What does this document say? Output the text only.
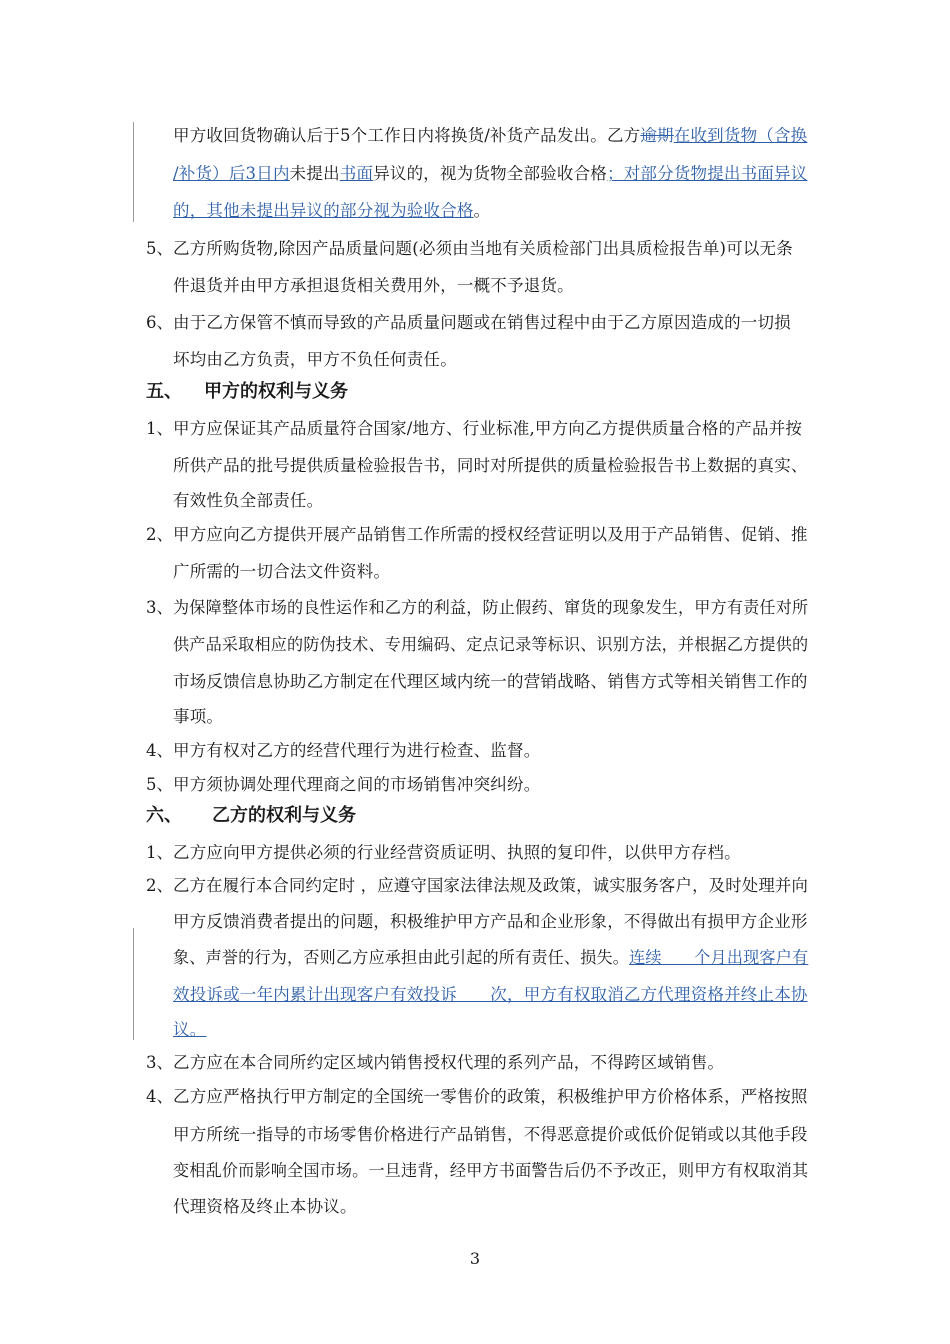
甲方收回货物确认后于5个工作日内将换货/补货产品发出。乙方逾期在收到货物（含换
/补货）后3日内未提出书面异议的，视为货物全部验收合格；对部分货物提出书面异议
的，其他未提出异议的部分视为验收合格。
5、 乙方所购货物,除因产品质量问题(必须由当地有关质检部门出具质检报告单)可以无条
件退货并由甲方承担退货相关费用外，一概不予退货。
6、 由于乙方保管不慎而导致的产品质量问题或在销售过程中由于乙方原因造成的一切损
坏均由乙方负责，甲方不负任何责任。
五、 甲方的权利与义务
1、 甲方应保证其产品质量符合国家/地方、行业标准,甲方向乙方提供质量合格的产品并按
所供产品的批号提供质量检验报告书，同时对所提供的质量检验报告书上数据的真实、
有效性负全部责任。
2、 甲方应向乙方提供开展产品销售工作所需的授权经营证明以及用于产品销售、促销、推
广所需的一切合法文件资料。
3、 为保障整体市场的良性运作和乙方的利益，防止假药、窜货的现象发生，甲方有责任对所
供产品采取相应的防伪技术、专用编码、定点记录等标识、识别方法，并根据乙方提供的
市场反馈信息协助乙方制定在代理区域内统一的营销战略、销售方式等相关销售工作的
事项。
4、 甲方有权对乙方的经营代理行为进行检查、监督。
5、 甲方须协调处理代理商之间的市场销售冲突纠纷。
六、 乙方的权利与义务
1、 乙方应向甲方提供必须的行业经营资质证明、执照的复印件，以供甲方存档。
2、 乙方在履行本合同约定时 ，应遵守国家法律法规及政策，诚实服务客户，及时处理并向
甲方反馈消费者提出的问题，积极维护甲方产品和企业形象，不得做出有损甲方企业形
象、声誉的行为，否则乙方应承担由此引起的所有责任、损失。连续　　个月出现客户有
效投诉或一年内累计出现客户有效投诉　　次，甲方有权取消乙方代理资格并终止本协
议。
3、 乙方应在本合同所约定区域内销售授权代理的系列产品，不得跨区域销售。
4、 乙方应严格执行甲方制定的全国统一零售价的政策，积极维护甲方价格体系，严格按照
甲方所统一指导的市场零售价格进行产品销售，不得恶意提价或低价促销或以其他手段
变相乱价而影响全国市场。一旦违背，经甲方书面警告后仍不予改正，则甲方有权取消其
代理资格及终止本协议。
3
